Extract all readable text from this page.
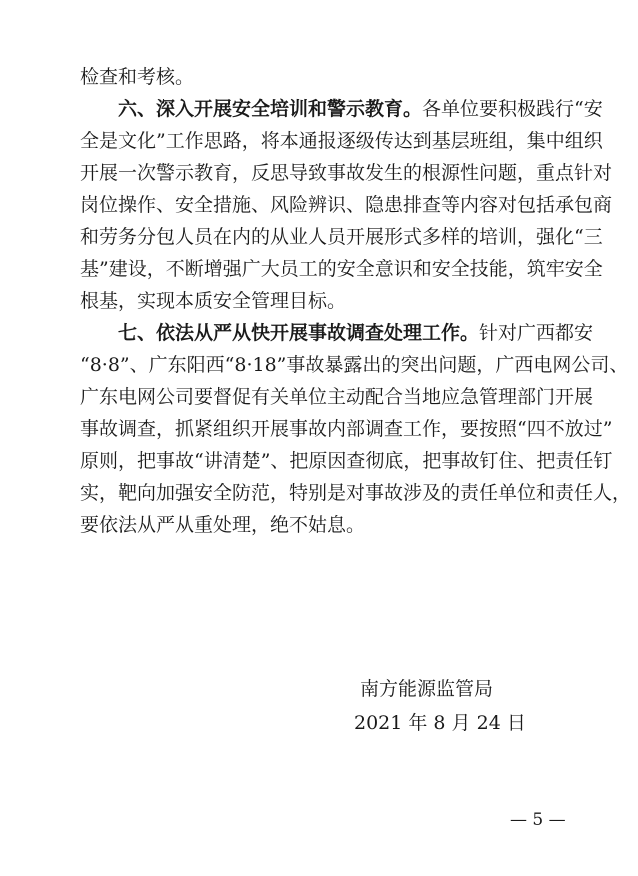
检查和考核。
六、深入开展安全培训和警示教育。各单位要积极践行“安
全是文化”工作思路，将本通报逐级传达到基层班组，集中组织
开展一次警示教育，反思导致事故发生的根源性问题，重点针对
岗位操作、安全措施、风险辨识、隐患排查等内容对包括承包商
和劳务分包人员在内的从业人员开展形式多样的培训，强化“三
基”建设，不断增强广大员工的安全意识和安全技能，筑牢安全
根基，实现本质安全管理目标。
七、依法从严从快开展事故调查处理工作。针对广西都安
“8·8”、广东阳西“8·18”事故暴露出的突出问题，广西电网公司、
广东电网公司要督促有关单位主动配合当地应急管理部门开展
事故调查，抓紧组织开展事故内部调查工作，要按照“四不放过”
原则，把事故“讲清楚”、把原因查彻底，把事故钉住、把责任钉
实，靶向加强安全防范，特别是对事故涉及的责任单位和责任人，
要依法从严从重处理，绝不姑息。
南方能源监管局
2021 年 8 月 24 日
— 5 —
